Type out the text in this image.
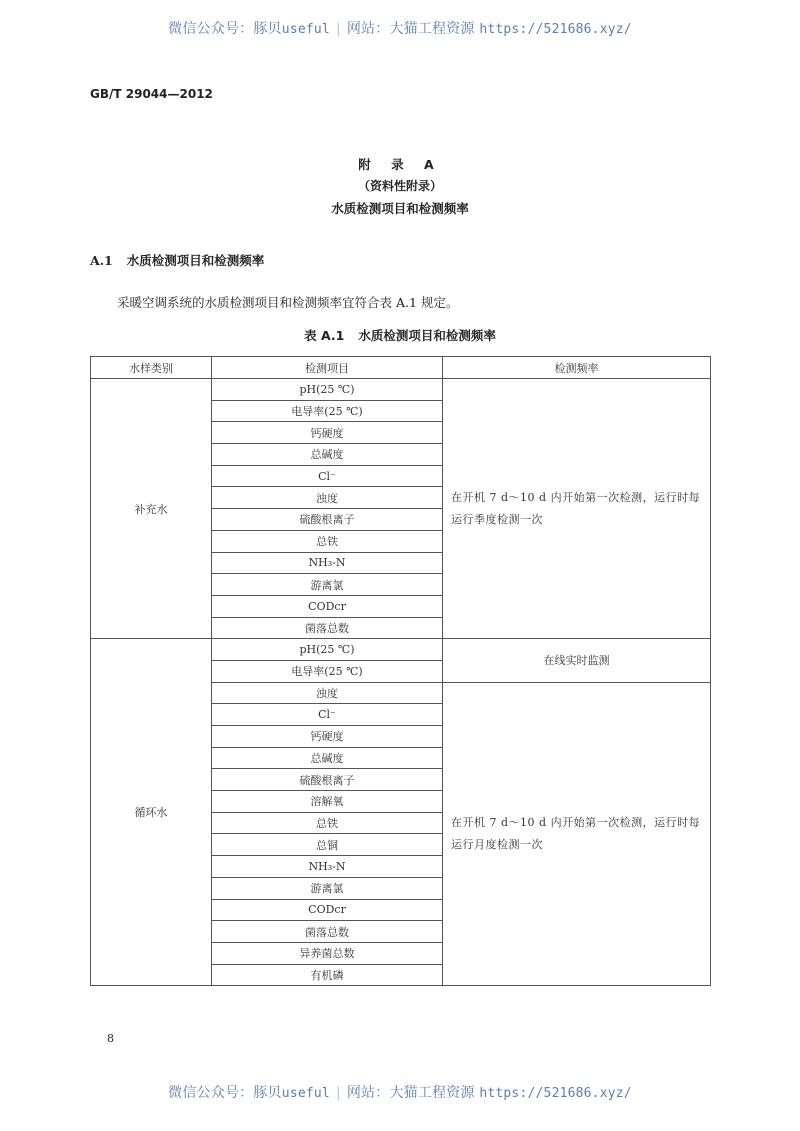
微信公众号：豚贝useful | 网站：大猫工程资源 https://521686.xyz/
GB/T 29044—2012
附 录 A
（资料性附录）
水质检测项目和检测频率
A.1 水质检测项目和检测频率
采暖空调系统的水质检测项目和检测频率宜符合表 A.1 规定。
表 A.1 水质检测项目和检测频率
水样类别	检测项目	检测频率
补充水	pH(25 ℃)	在开机 7 d～10 d 内开始第一次检测，运行时每运行季度检测一次
	电导率(25 ℃)	
	钙硬度	
	总碱度	
	Cl⁻	
	浊度	
	硫酸根离子	
	总铁	
	NH₃-N	
	游离氯	
	CODcr	
	菌落总数	
循环水	pH(25 ℃)	在线实时监测
	电导率(25 ℃)	
	浊度	在开机 7 d～10 d 内开始第一次检测，运行时每运行月度检测一次
	Cl⁻	
	钙硬度	
	总碱度	
	硫酸根离子	
	溶解氧	
	总铁	
	总铜	
	NH₃-N	
	游离氯	
	CODcr	
	菌落总数	
	异养菌总数	
	有机磷	
8
微信公众号：豚贝useful | 网站：大猫工程资源 https://521686.xyz/
